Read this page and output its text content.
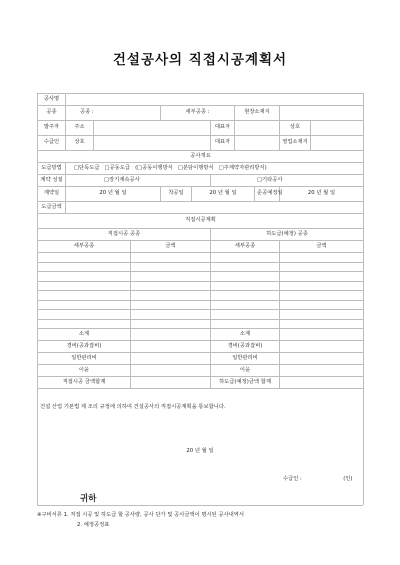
건설공사의 직접시공계획서
공사명										
공종	공종 :			세부공종 :			현장소재지			
발주자	주소					대표자			상호	
수급인	상호					대표자			영업소재지	
공사개요										
도급방법	□단독도급 □공동도급 (□공동이행방식 □분담이행방식 □주계약자관리방식)									
계약 성질	□장기계속공사					□기타공사				
계약일	20 년 월 일			착공일	20 년 월 일			준공예정일	20 년 월 일	
도급금액										
직접시공계획										
직접시공 공종						하도급(예정) 공종				
세부공종			금액			세부공종			금액	

소계						소계				
경비(공과잡비)						경비(공과잡비)				
일반관리비						일반관리비				
이윤						이윤				
직접시공 금액합계						하도급(예정)금액 합계				
건설 산업 기본법 제 조의 규정에 의하여 건설공사의 직접시공계획을 통보합니다.
20 년 월 일
수급인 :	(인)
귀하
※구비서류 1. 직접 시공 및 하도급 할 공사량, 공사 단가 및 공사금액이 명시된 공사내역서
2. 예정공정표
